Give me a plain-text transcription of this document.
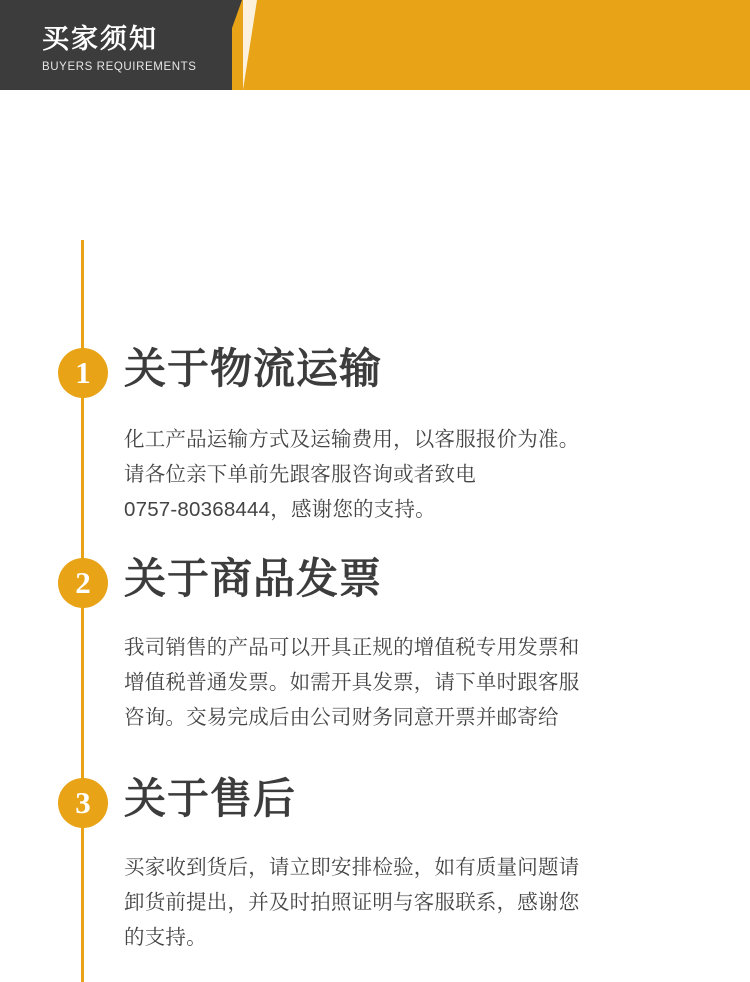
买家须知
BUYERS REQUIREMENTS
1 关于物流运输

化工产品运输方式及运输费用，以客服报价为准。

请各位亲下单前先跟客服咨询或者致电

0757-80368444，感谢您的支持。

2 关于商品发票

我司销售的产品可以开具正规的增值税专用发票和

增值税普通发票。如需开具发票，请下单时跟客服

咨询。交易完成后由公司财务同意开票并邮寄给

3 关于售后

买家收到货后，请立即安排检验，如有质量问题请

卸货前提出，并及时拍照证明与客服联系，感谢您

的支持。
